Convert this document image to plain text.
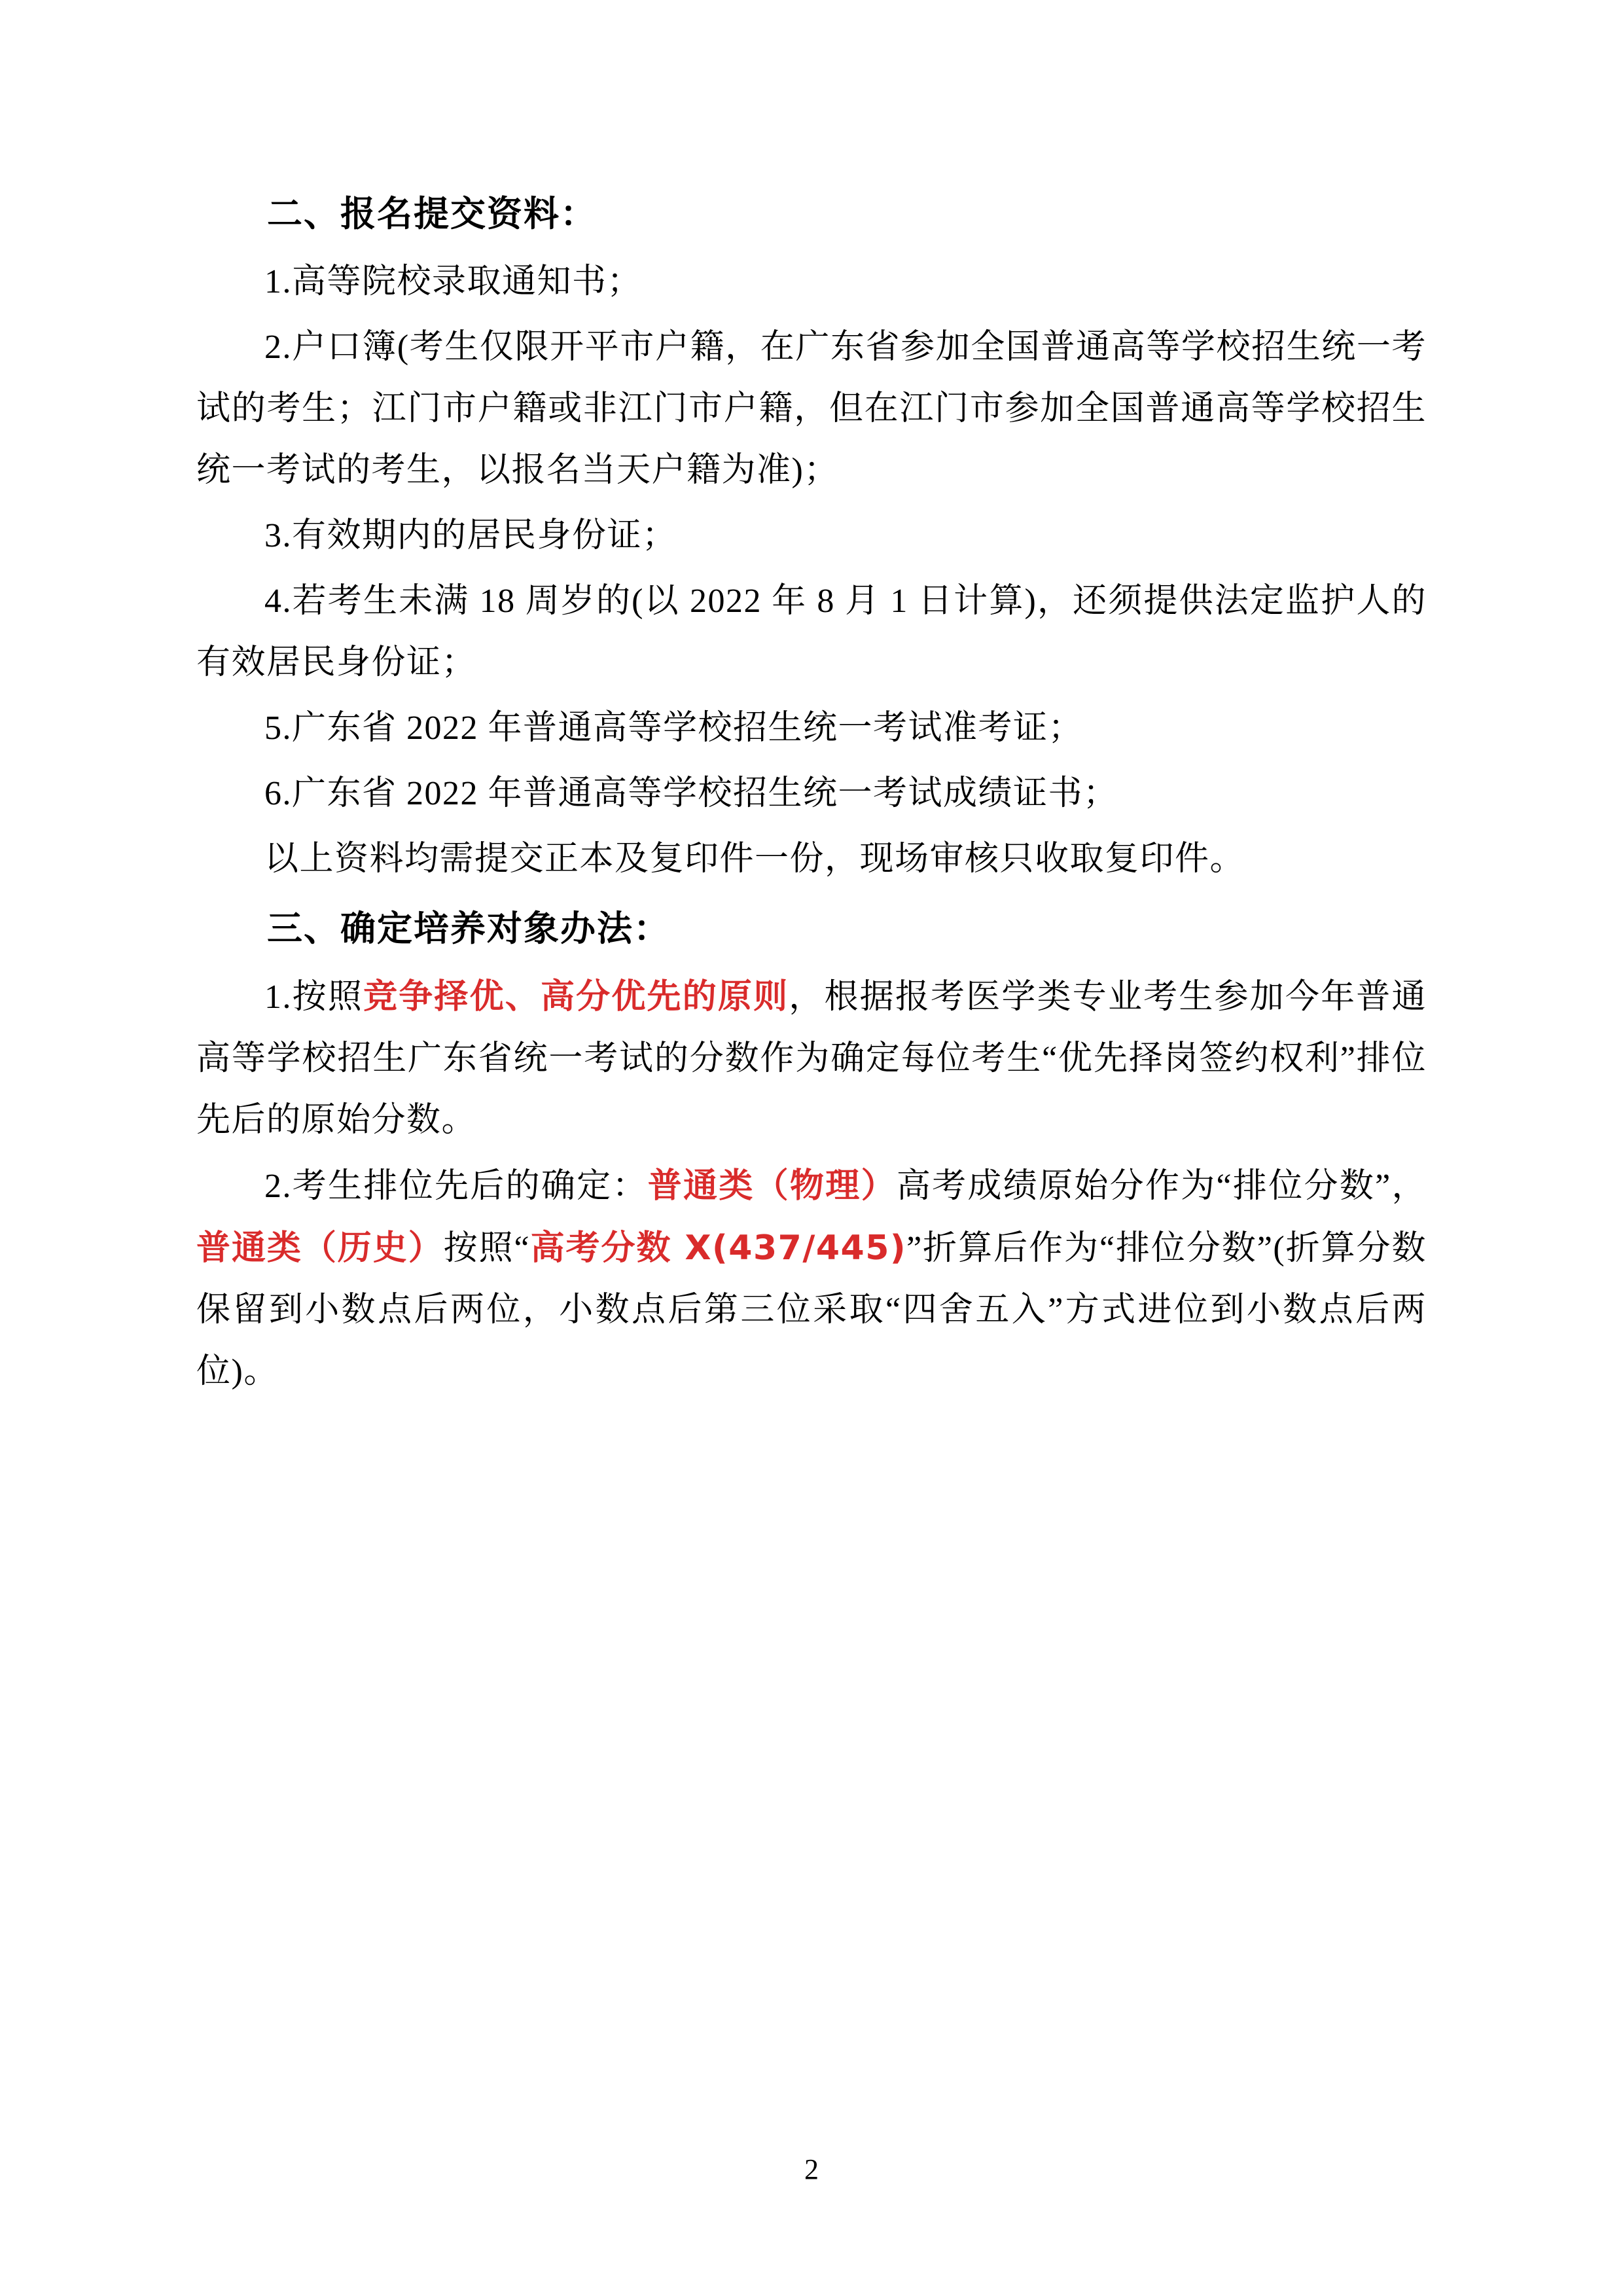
二、报名提交资料：

1.高等院校录取通知书；

2.户口簿(考生仅限开平市户籍，在广东省参加全国普通高等学校招生统一考试的考生；江门市户籍或非江门市户籍，但在江门市参加全国普通高等学校招生统一考试的考生，以报名当天户籍为准)；

3.有效期内的居民身份证；

4.若考生未满 18 周岁的(以 2022 年 8 月 1 日计算)，还须提供法定监护人的有效居民身份证；

5.广东省 2022 年普通高等学校招生统一考试准考证；

6.广东省 2022 年普通高等学校招生统一考试成绩证书；

以上资料均需提交正本及复印件一份，现场审核只收取复印件。

三、确定培养对象办法：

1.按照竞争择优、高分优先的原则，根据报考医学类专业考生参加今年普通高等学校招生广东省统一考试的分数作为确定每位考生“优先择岗签约权利”排位先后的原始分数。

2.考生排位先后的确定：普通类（物理）高考成绩原始分作为“排位分数”，普通类（历史）按照“高考分数 X(437/445)”折算后作为“排位分数”(折算分数保留到小数点后两位，小数点后第三位采取“四舍五入”方式进位到小数点后两位)。

2
